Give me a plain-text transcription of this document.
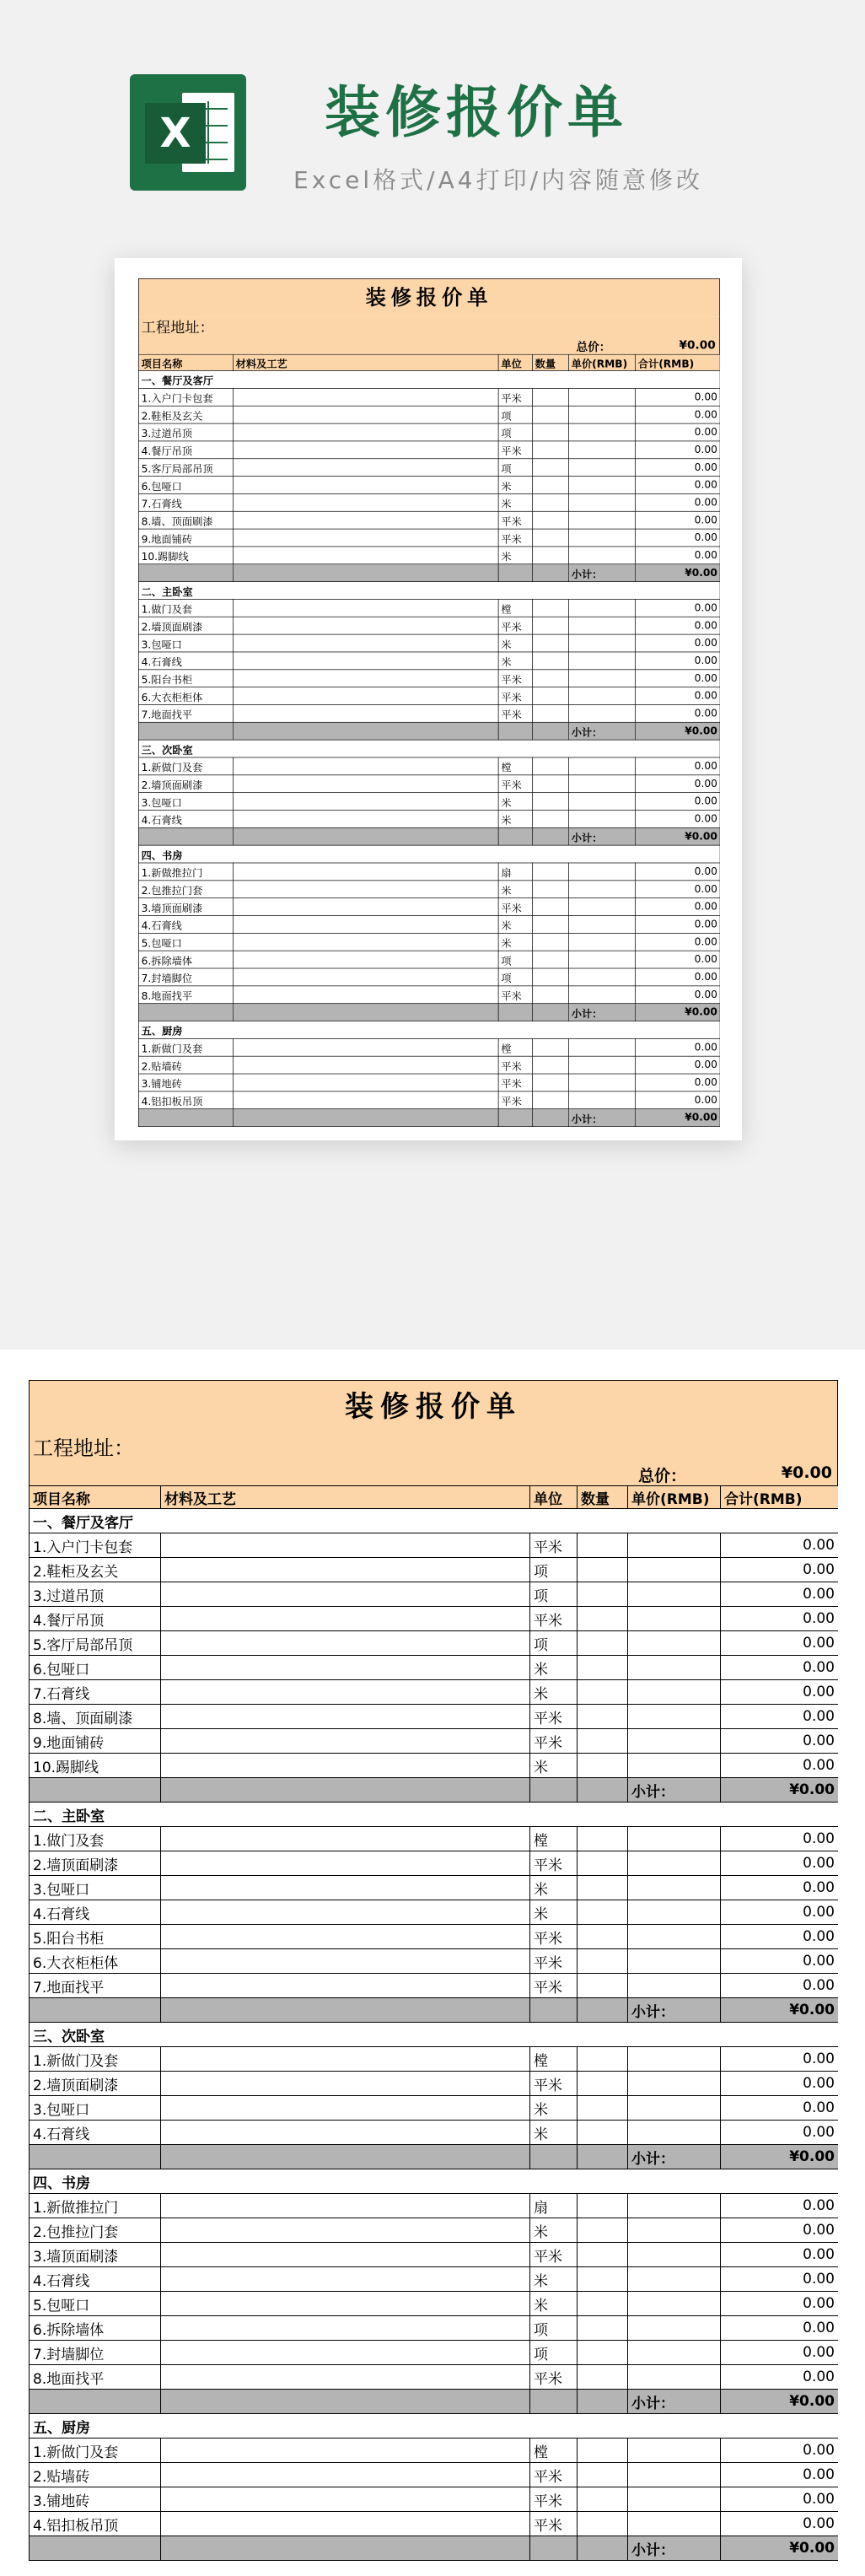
X 装修报价单
Excel格式/A4打印/内容随意修改
装修报价单
工程地址：
总价：	¥0.00
项目名称	材料及工艺	单位	数量	单价(RMB)	合计(RMB)
一、餐厅及客厅					
1.入户门卡包套		平米			0.00
2.鞋柜及玄关		项			0.00
3.过道吊顶		项			0.00
4.餐厅吊顶		平米			0.00
5.客厅局部吊顶		项			0.00
6.包哑口		米			0.00
7.石膏线		米			0.00
8.墙、顶面刷漆		平米			0.00
9.地面铺砖		平米			0.00
10.踢脚线		米			0.00
				小计：	¥0.00
二、主卧室					
1.做门及套		樘			0.00
2.墙顶面刷漆		平米			0.00
3.包哑口		米			0.00
4.石膏线		米			0.00
5.阳台书柜		平米			0.00
6.大衣柜柜体		平米			0.00
7.地面找平		平米			0.00
				小计：	¥0.00
三、次卧室					
1.新做门及套		樘			0.00
2.墙顶面刷漆		平米			0.00
3.包哑口		米			0.00
4.石膏线		米			0.00
				小计：	¥0.00
四、书房					
1.新做推拉门		扇			0.00
2.包推拉门套		米			0.00
3.墙顶面刷漆		平米			0.00
4.石膏线		米			0.00
5.包哑口		米			0.00
6.拆除墙体		项			0.00
7.封墙脚位		项			0.00
8.地面找平		平米			0.00
				小计：	¥0.00
五、厨房					
1.新做门及套		樘			0.00
2.贴墙砖		平米			0.00
3.铺地砖		平米			0.00
4.铝扣板吊顶		平米			0.00
				小计：	¥0.00
装修报价单
工程地址：
总价：	¥0.00
项目名称	材料及工艺	单位	数量	单价(RMB)	合计(RMB)
一、餐厅及客厅					
1.入户门卡包套		平米			0.00
2.鞋柜及玄关		项			0.00
3.过道吊顶		项			0.00
4.餐厅吊顶		平米			0.00
5.客厅局部吊顶		项			0.00
6.包哑口		米			0.00
7.石膏线		米			0.00
8.墙、顶面刷漆		平米			0.00
9.地面铺砖		平米			0.00
10.踢脚线		米			0.00
				小计：	¥0.00
二、主卧室					
1.做门及套		樘			0.00
2.墙顶面刷漆		平米			0.00
3.包哑口		米			0.00
4.石膏线		米			0.00
5.阳台书柜		平米			0.00
6.大衣柜柜体		平米			0.00
7.地面找平		平米			0.00
				小计：	¥0.00
三、次卧室					
1.新做门及套		樘			0.00
2.墙顶面刷漆		平米			0.00
3.包哑口		米			0.00
4.石膏线		米			0.00
				小计：	¥0.00
四、书房					
1.新做推拉门		扇			0.00
2.包推拉门套		米			0.00
3.墙顶面刷漆		平米			0.00
4.石膏线		米			0.00
5.包哑口		米			0.00
6.拆除墙体		项			0.00
7.封墙脚位		项			0.00
8.地面找平		平米			0.00
				小计：	¥0.00
五、厨房					
1.新做门及套		樘			0.00
2.贴墙砖		平米			0.00
3.铺地砖		平米			0.00
4.铝扣板吊顶		平米			0.00
				小计：	¥0.00
